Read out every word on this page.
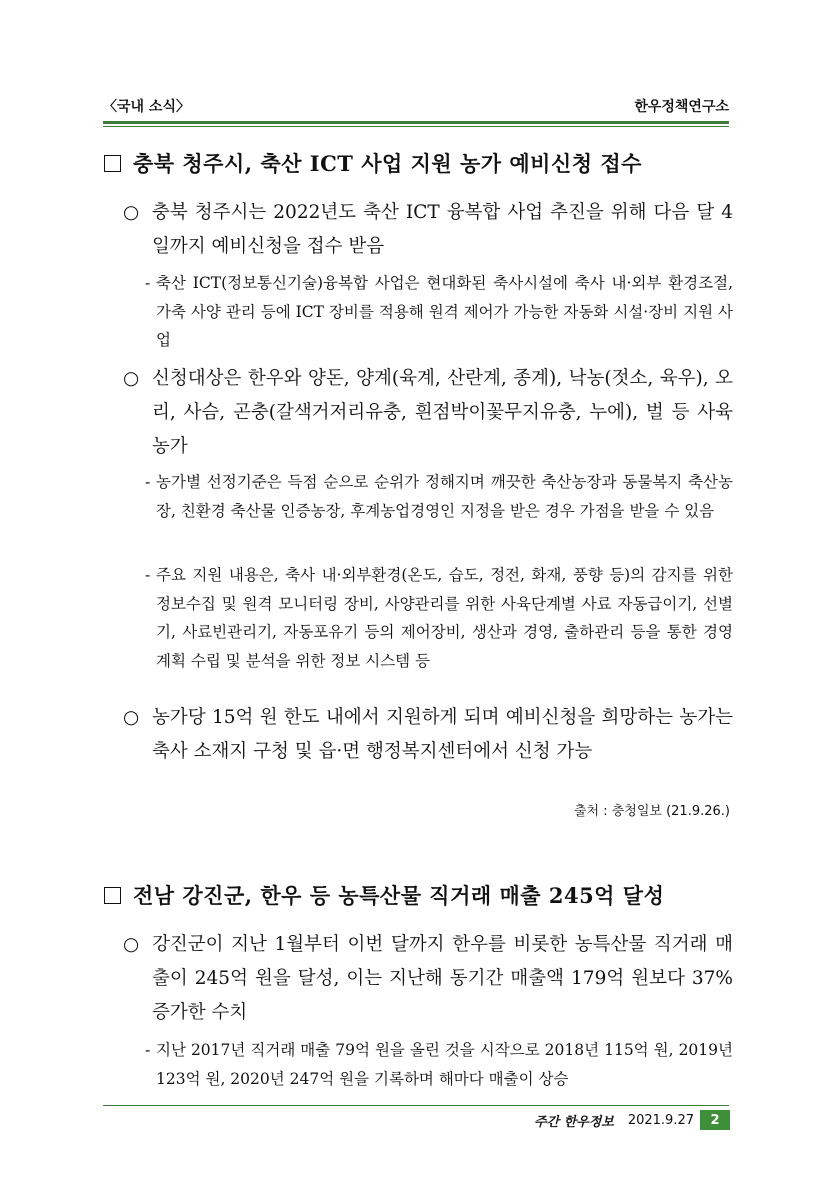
〈국내 소식〉	한우정책연구소
충북 청주시, 축산 ICT 사업 지원 농가 예비신청 접수
○ 충북 청주시는 2022년도 축산 ICT 융복합 사업 추진을 위해 다음 달 4일까지 예비신청을 접수 받음
- 축산 ICT(정보통신기술)융복합 사업은 현대화된 축사시설에 축사 내·외부 환경조절, 가축 사양 관리 등에 ICT 장비를 적용해 원격 제어가 가능한 자동화 시설·장비 지원 사업
○ 신청대상은 한우와 양돈, 양계(육계, 산란계, 종계), 낙농(젓소, 육우), 오리, 사슴, 곤충(갈색거저리유충, 흰점박이꽃무지유충, 누에), 벌 등 사육농가
- 농가별 선정기준은 득점 순으로 순위가 정해지며 깨끗한 축산농장과 동물복지 축산농장, 친환경 축산물 인증농장, 후계농업경영인 지정을 받은 경우 가점을 받을 수 있음
- 주요 지원 내용은, 축사 내·외부환경(온도, 습도, 정전, 화재, 풍향 등)의 감지를 위한 정보수집 및 원격 모니터링 장비, 사양관리를 위한 사육단계별 사료 자동급이기, 선별기, 사료빈관리기, 자동포유기 등의 제어장비, 생산과 경영, 출하관리 등을 통한 경영계획 수립 및 분석을 위한 정보 시스템 등
○ 농가당 15억 원 한도 내에서 지원하게 되며 예비신청을 희망하는 농가는 축사 소재지 구청 및 읍·면 행정복지센터에서 신청 가능
출처 : 충청일보 (21.9.26.)
전남 강진군, 한우 등 농특산물 직거래 매출 245억 달성
○ 강진군이 지난 1월부터 이번 달까지 한우를 비롯한 농특산물 직거래 매출이 245억 원을 달성, 이는 지난해 동기간 매출액 179억 원보다 37% 증가한 수치
- 지난 2017년 직거래 매출 79억 원을 올린 것을 시작으로 2018년 115억 원, 2019년 123억 원, 2020년 247억 원을 기록하며 해마다 매출이 상승
주간 한우정보 2021.9.27	2
